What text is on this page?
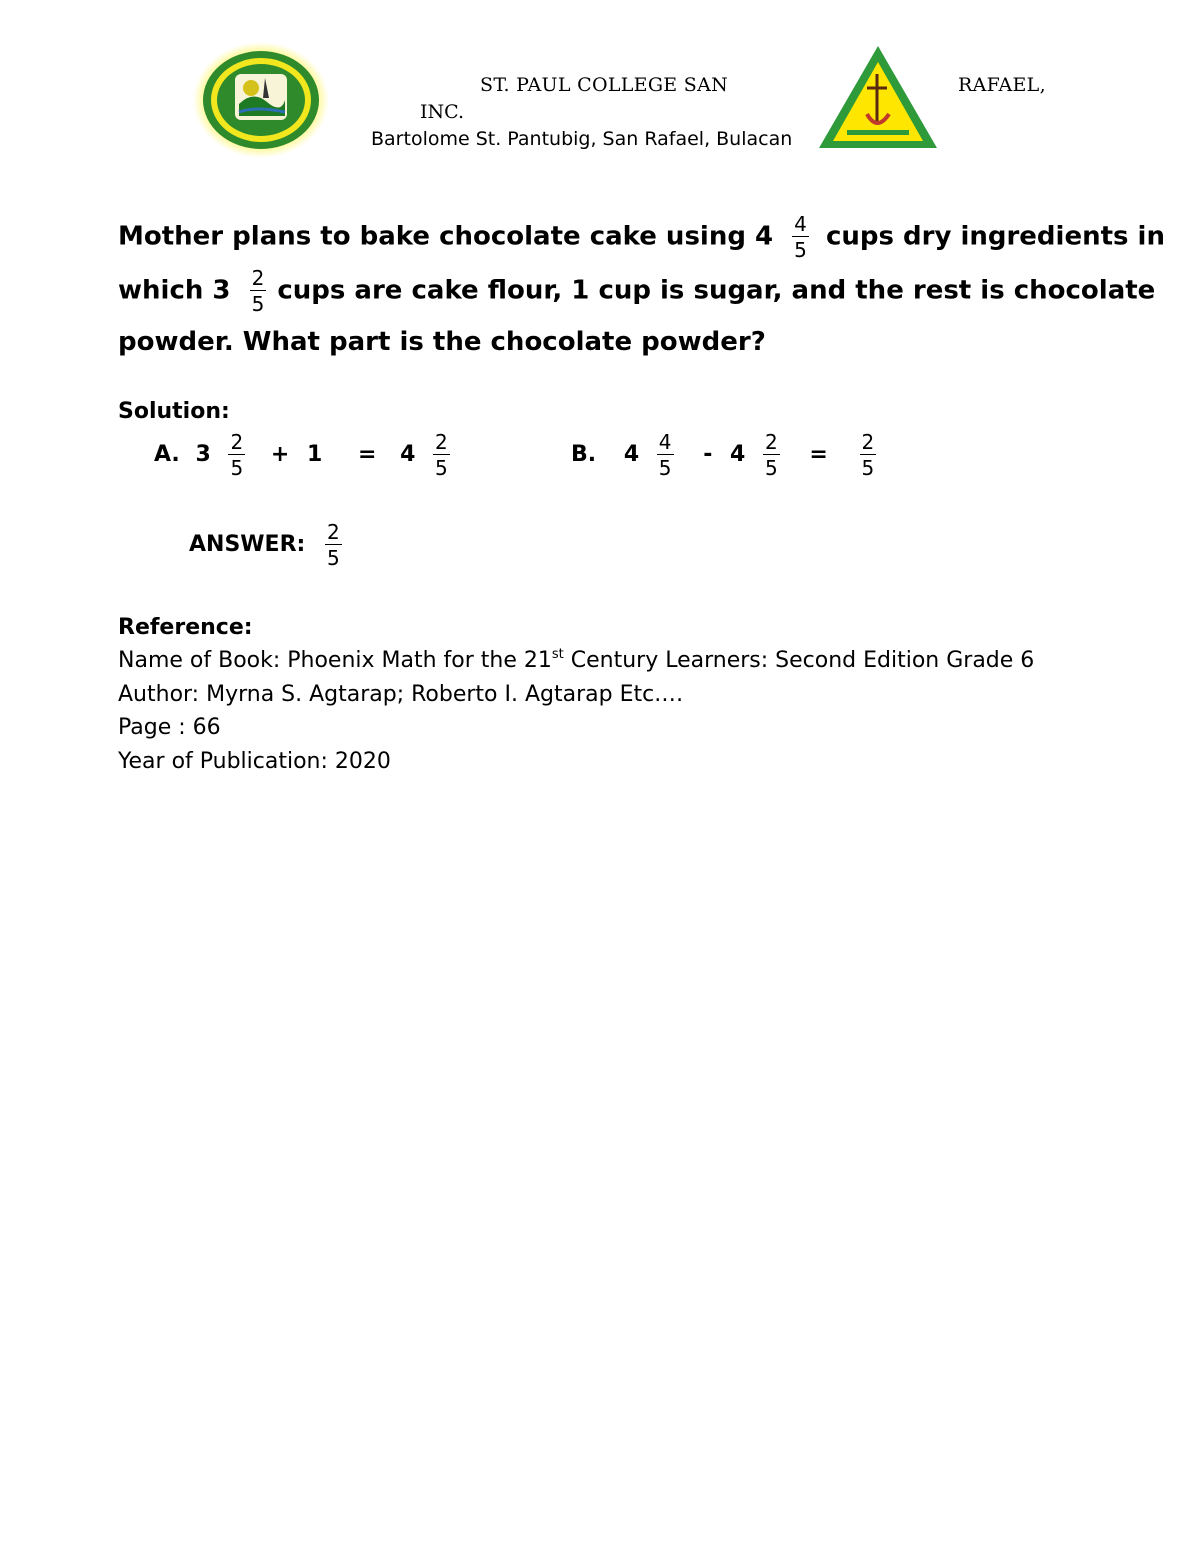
ST. PAUL COLLEGE SAN	RAFAEL,
INC.
Bartolome St. Pantubig, San Rafael, Bulacan
Mother plans to bake chocolate cake using $4 \frac{4}{5}$ cups dry ingredients in
which $3 \frac{2}{5}$ cups are cake flour, 1 cup is sugar, and the rest is chocolate
powder. What part is the chocolate powder?
Solution:
A. $3 \frac{2}{5} + 1 = 4 \frac{2}{5}$	B. $4 \frac{4}{5} - 4 \frac{2}{5} = \frac{2}{5}$
ANSWER: $\frac{2}{5}$
Reference:
Name of Book: Phoenix Math for the 21st Century Learners: Second Edition Grade 6
Author: Myrna S. Agtarap; Roberto I. Agtarap Etc.…
Page : 66
Year of Publication: 2020
